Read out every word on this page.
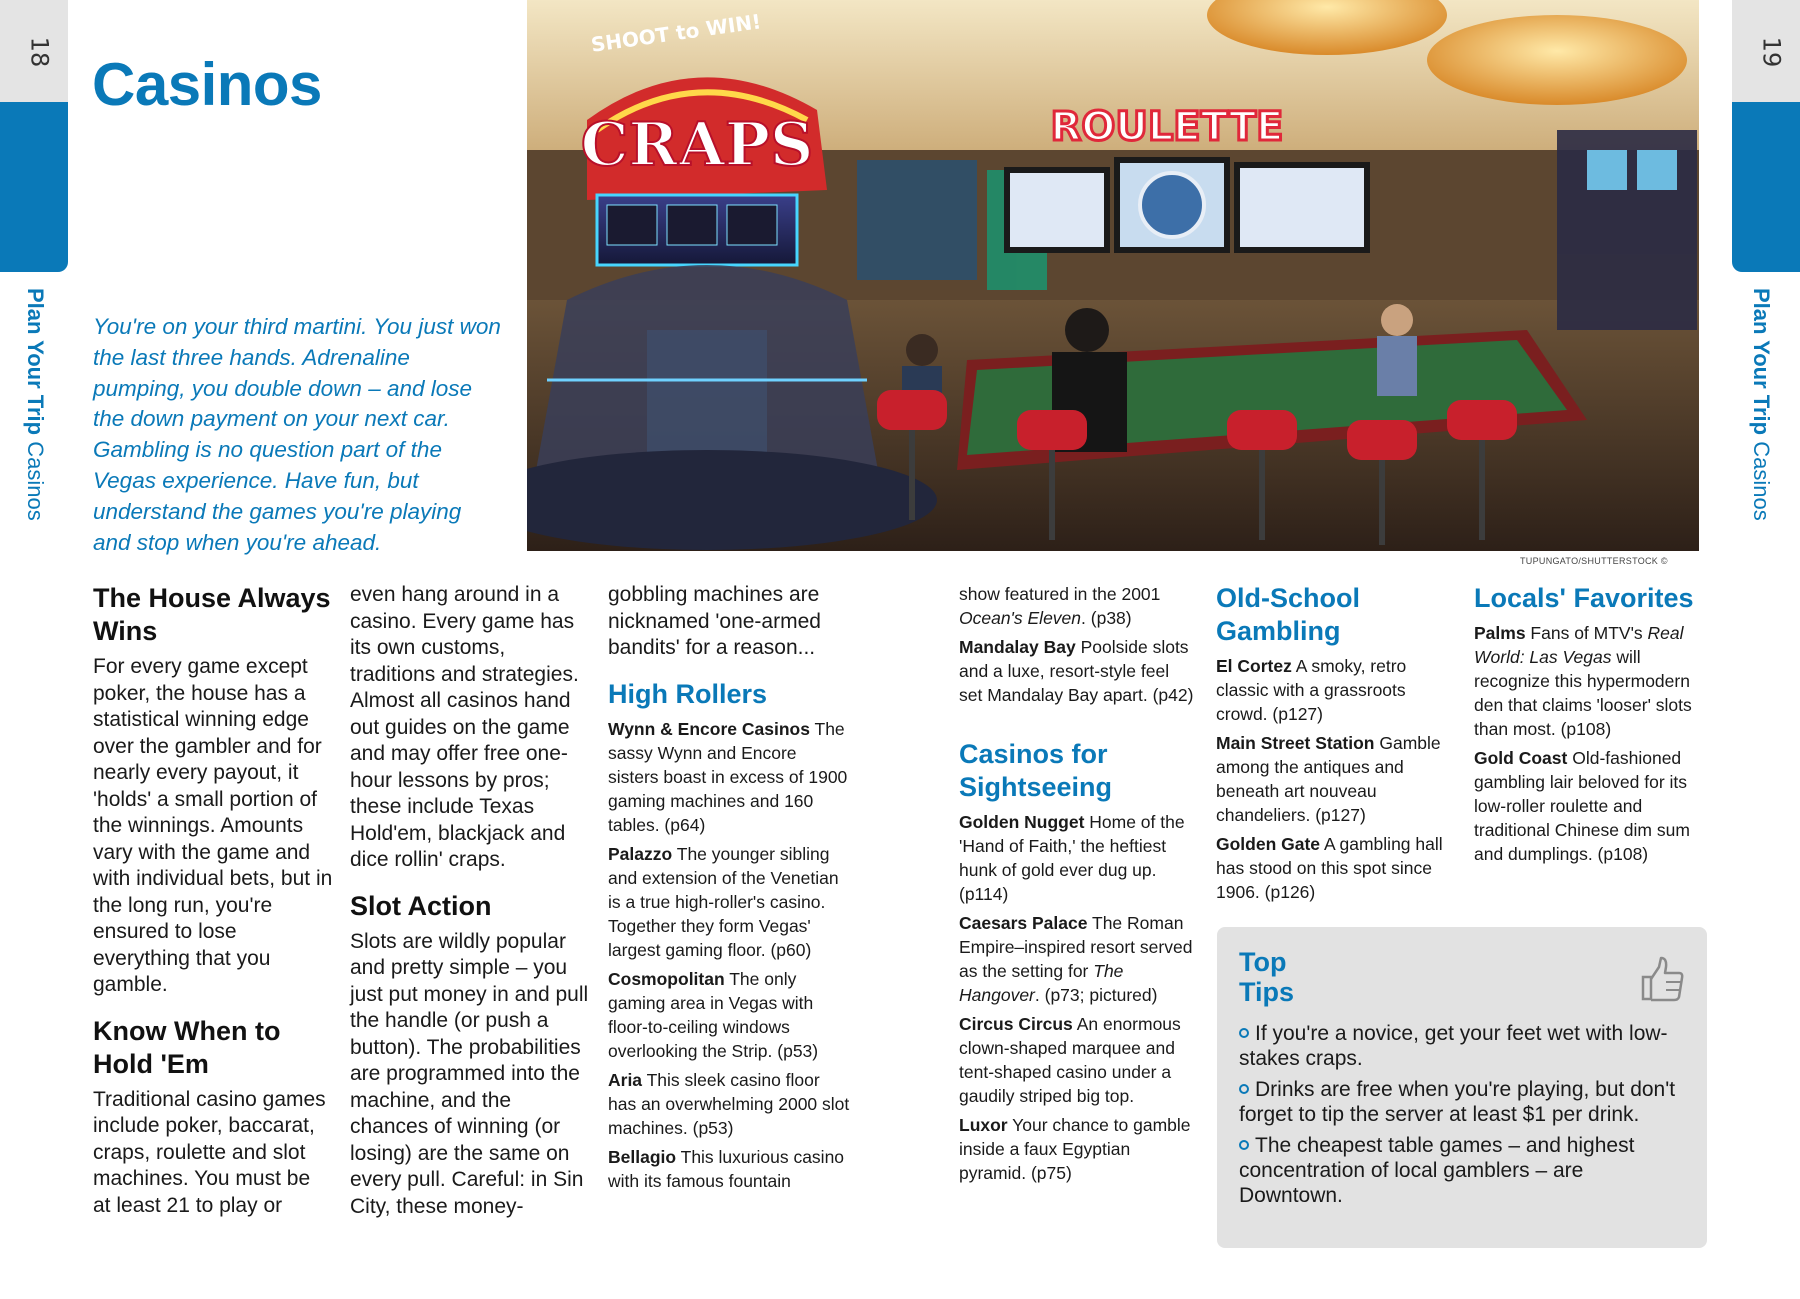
18
Plan Your Trip Casinos
19
Plan Your Trip Casinos
Casinos

You're on your third martini. You just won the last three hands. Adrenaline pumping, you double down – and lose the down payment on your next car. Gambling is no question part of the Vegas experience. Have fun, but understand the games you're playing and stop when you're ahead.

CRAPS
SHOOT to WIN!
ROULETTE
TUPUNGATO/SHUTTERSTOCK ©
The House Always Wins

For every game except poker, the house has a statistical winning edge over the gambler and for nearly every payout, it 'holds' a small portion of the winnings. Amounts vary with the game and with individual bets, but in the long run, you're ensured to lose everything that you gamble.

Know When to Hold 'Em

Traditional casino games include poker, baccarat, craps, roulette and slot machines. You must be at least 21 to play or

even hang around in a casino. Every game has its own customs, traditions and strategies. Almost all casinos hand out guides on the game and may offer free one-hour lessons by pros; these include Texas Hold'em, blackjack and dice rollin' craps.

Slot Action

Slots are wildly popular and pretty simple – you just put money in and pull the handle (or push a button). The probabilities are programmed into the machine, and the chances of winning (or losing) are the same on every pull. Careful: in Sin City, these money-

gobbling machines are nicknamed 'one-armed bandits' for a reason...

High Rollers

Wynn & Encore Casinos The sassy Wynn and Encore sisters boast in excess of 1900 gaming machines and 160 tables. (p64)

Palazzo The younger sibling and extension of the Venetian is a true high-roller's casino. Together they form Vegas' largest gaming floor. (p60)

Cosmopolitan The only gaming area in Vegas with floor-to-ceiling windows overlooking the Strip. (p53)

Aria This sleek casino floor has an overwhelming 2000 slot machines. (p53)

Bellagio This luxurious casino with its famous fountain

show featured in the 2001 Ocean's Eleven. (p38)

Mandalay Bay Poolside slots and a luxe, resort-style feel set Mandalay Bay apart. (p42)

Casinos for Sightseeing

Golden Nugget Home of the 'Hand of Faith,' the heftiest hunk of gold ever dug up. (p114)

Caesars Palace The Roman Empire–inspired resort served as the setting for The Hangover. (p73; pictured)

Circus Circus An enormous clown-shaped marquee and tent-shaped casino under a gaudily striped big top.

Luxor Your chance to gamble inside a faux Egyptian pyramid. (p75)

Old-School Gambling

El Cortez A smoky, retro classic with a grassroots crowd. (p127)

Main Street Station Gamble among the antiques and beneath art nouveau chandeliers. (p127)

Golden Gate A gambling hall has stood on this spot since 1906. (p126)

Locals' Favorites

Palms Fans of MTV's Real World: Las Vegas will recognize this hypermodern den that claims 'looser' slots than most. (p108)

Gold Coast Old-fashioned gambling lair beloved for its low-roller roulette and traditional Chinese dim sum and dumplings. (p108)

Top Tips

If you're a novice, get your feet wet with low-stakes craps.

Drinks are free when you're playing, but don't forget to tip the server at least $1 per drink.

The cheapest table games – and highest concentration of local gamblers – are Downtown.
